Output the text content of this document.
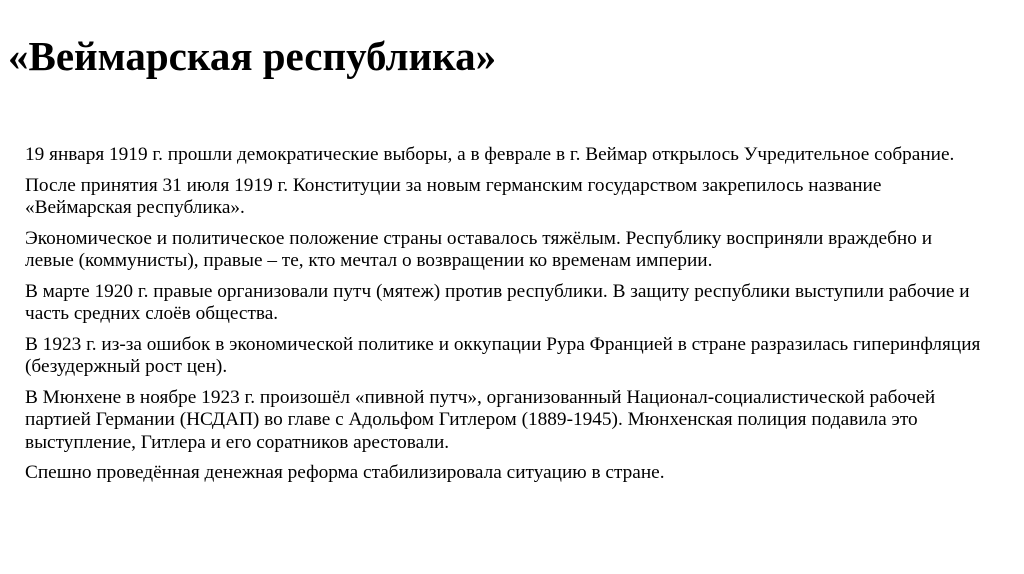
«Веймарская республика»

19 января 1919 г. прошли демократические выборы, а в феврале в г. Веймар открылось Учредительное собрание.

После принятия 31 июля 1919 г. Конституции за новым германским государством закрепилось название «Веймарская республика».

Экономическое и политическое положение страны оставалось тяжёлым. Республику восприняли враждебно и левые (коммунисты), правые – те, кто мечтал о возвращении ко временам империи.

В марте 1920 г. правые организовали путч (мятеж) против республики. В защиту республики выступили рабочие и часть средних слоёв общества.

В 1923 г. из-за ошибок в экономической политике и оккупации Рура Францией в стране разразилась гиперинфляция (безудержный рост цен).

В Мюнхене в ноябре 1923 г. произошёл «пивной путч», организованный Национал-социалистической рабочей партией Германии (НСДАП) во главе с Адольфом Гитлером (1889-1945). Мюнхенская полиция подавила это выступление, Гитлера и его соратников арестовали.

Спешно проведённая денежная реформа стабилизировала ситуацию в стране.
